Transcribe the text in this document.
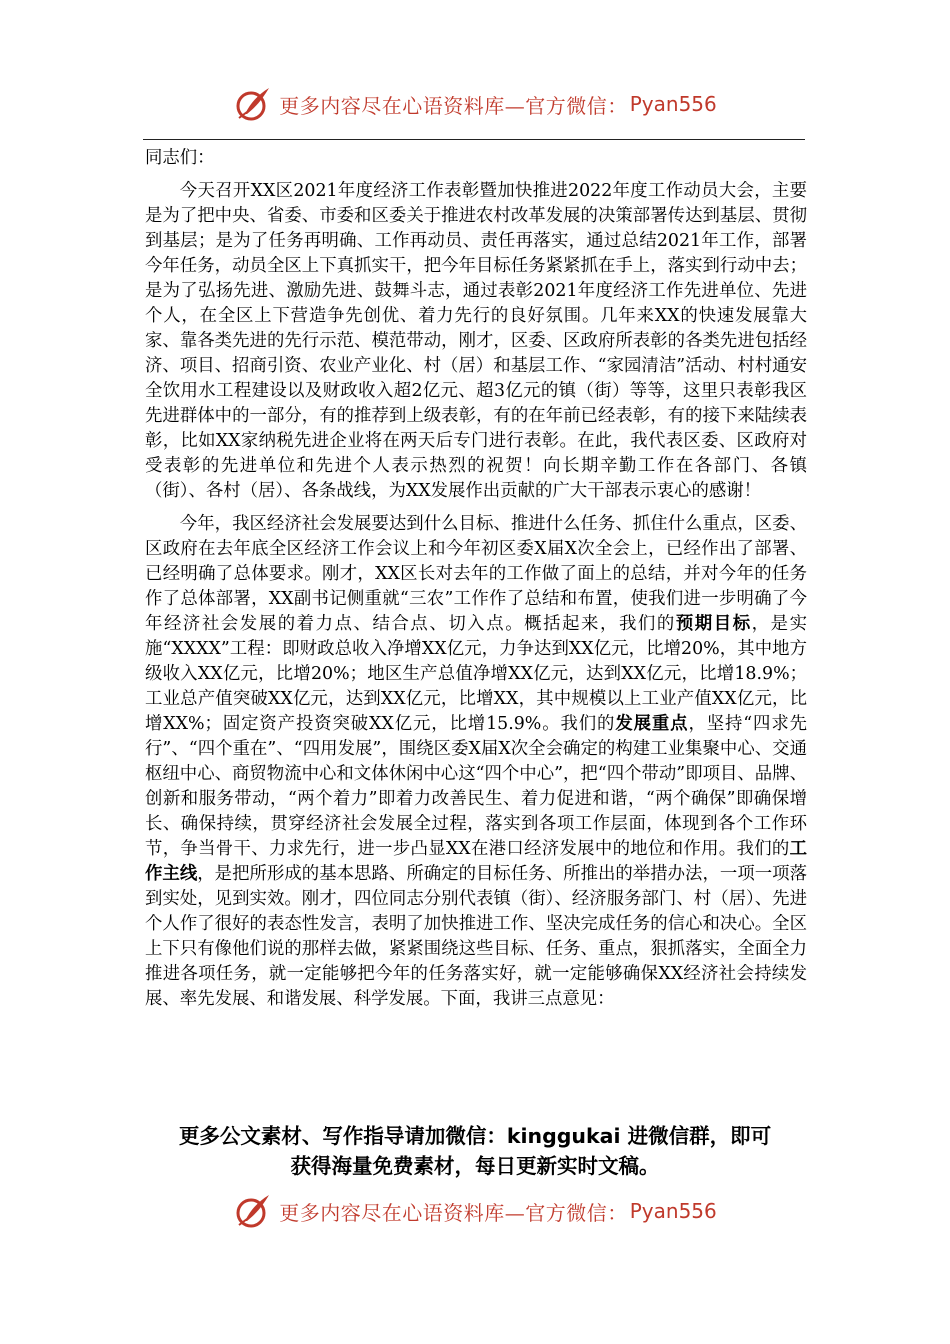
更多内容尽在心语资料库—官方微信： Pyan556

同志们：

今天召开XX区2021年度经济工作表彰暨加快推进2022年度工作动员大会，主要是为了把中央、省委、市委和区委关于推进农村改革发展的决策部署传达到基层、贯彻到基层；是为了任务再明确、工作再动员、责任再落实，通过总结2021年工作，部署今年任务，动员全区上下真抓实干，把今年目标任务紧紧抓在手上，落实到行动中去；是为了弘扬先进、激励先进、鼓舞斗志，通过表彰2021年度经济工作先进单位、先进个人，在全区上下营造争先创优、着力先行的良好氛围。几年来XX的快速发展靠大家、靠各类先进的先行示范、模范带动，刚才，区委、区政府所表彰的各类先进包括经济、项目、招商引资、农业产业化、村（居）和基层工作、“家园清洁”活动、村村通安全饮用水工程建设以及财政收入超2亿元、超3亿元的镇（街）等等，这里只表彰我区先进群体中的一部分，有的推荐到上级表彰，有的在年前已经表彰，有的接下来陆续表彰，比如XX家纳税先进企业将在两天后专门进行表彰。在此，我代表区委、区政府对受表彰的先进单位和先进个人表示热烈的祝贺！向长期辛勤工作在各部门、各镇（街）、各村（居）、各条战线，为XX发展作出贡献的广大干部表示衷心的感谢！

今年，我区经济社会发展要达到什么目标、推进什么任务、抓住什么重点，区委、区政府在去年底全区经济工作会议上和今年初区委X届X次全会上，已经作出了部署、已经明确了总体要求。刚才，XX区长对去年的工作做了面上的总结，并对今年的任务作了总体部署，XX副书记侧重就“三农”工作作了总结和布置，使我们进一步明确了今年经济社会发展的着力点、结合点、切入点。概括起来，我们的预期目标，是实施“XXXX”工程：即财政总收入净增XX亿元，力争达到XX亿元，比增20%，其中地方级收入XX亿元，比增20%；地区生产总值净增XX亿元，达到XX亿元，比增18.9%；工业总产值突破XX亿元，达到XX亿元，比增XX，其中规模以上工业产值XX亿元，比增XX%；固定资产投资突破XX亿元，比增15.9%。我们的发展重点，坚持“四求先行”、“四个重在”、“四用发展”，围绕区委X届X次全会确定的构建工业集聚中心、交通枢纽中心、商贸物流中心和文体休闲中心这“四个中心”，把“四个带动”即项目、品牌、创新和服务带动，“两个着力”即着力改善民生、着力促进和谐，“两个确保”即确保增长、确保持续，贯穿经济社会发展全过程，落实到各项工作层面，体现到各个工作环节，争当骨干、力求先行，进一步凸显XX在港口经济发展中的地位和作用。我们的工作主线，是把所形成的基本思路、所确定的目标任务、所推出的举措办法，一项一项落到实处，见到实效。刚才，四位同志分别代表镇（街）、经济服务部门、村（居）、先进个人作了很好的表态性发言，表明了加快推进工作、坚决完成任务的信心和决心。全区上下只有像他们说的那样去做，紧紧围绕这些目标、任务、重点，狠抓落实，全面全力推进各项任务，就一定能够把今年的任务落实好，就一定能够确保XX经济社会持续发展、率先发展、和谐发展、科学发展。下面，我讲三点意见：

更多公文素材、写作指导请加微信：kinggukai 进微信群，即可
获得海量免费素材，每日更新实时文稿。
更多内容尽在心语资料库—官方微信： Pyan556
